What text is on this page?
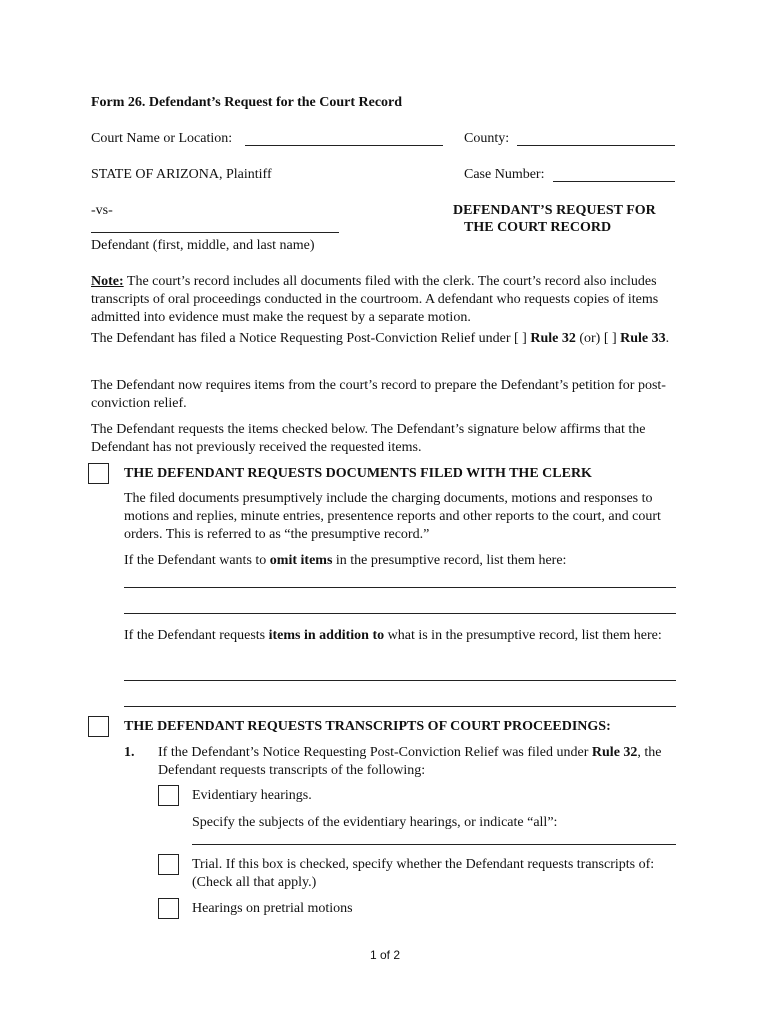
Form 26. Defendant’s Request for the Court Record
Court Name or Location:	County:
STATE OF ARIZONA, Plaintiff	Case Number:
-vs-	DEFENDANT’S REQUEST FOR
THE COURT RECORD
Defendant (first, middle, and last name)

Note: The court’s record includes all documents filed with the clerk. The court’s record also includes transcripts of oral proceedings conducted in the courtroom. A defendant who requests copies of items admitted into evidence must make the request by a separate motion.

The Defendant has filed a Notice Requesting Post-Conviction Relief under [ ] Rule 32 (or) [ ] Rule 33.

The Defendant now requires items from the court’s record to prepare the Defendant’s petition for post-conviction relief.

The Defendant requests the items checked below. The Defendant’s signature below affirms that the Defendant has not previously received the requested items.

THE DEFENDANT REQUESTS DOCUMENTS FILED WITH THE CLERK

The filed documents presumptively include the charging documents, motions and responses to motions and replies, minute entries, presentence reports and other reports to the court, and court orders. This is referred to as “the presumptive record.”

If the Defendant wants to omit items in the presumptive record, list them here:

If the Defendant requests items in addition to what is in the presumptive record, list them here:

THE DEFENDANT REQUESTS TRANSCRIPTS OF COURT PROCEEDINGS:
1. If the Defendant’s Notice Requesting Post-Conviction Relief was filed under Rule 32, the Defendant requests transcripts of the following:

Evidentiary hearings.
Specify the subjects of the evidentiary hearings, or indicate “all”:

Trial. If this box is checked, specify whether the Defendant requests transcripts of: (Check all that apply.)

Hearings on pretrial motions
1 of 2
